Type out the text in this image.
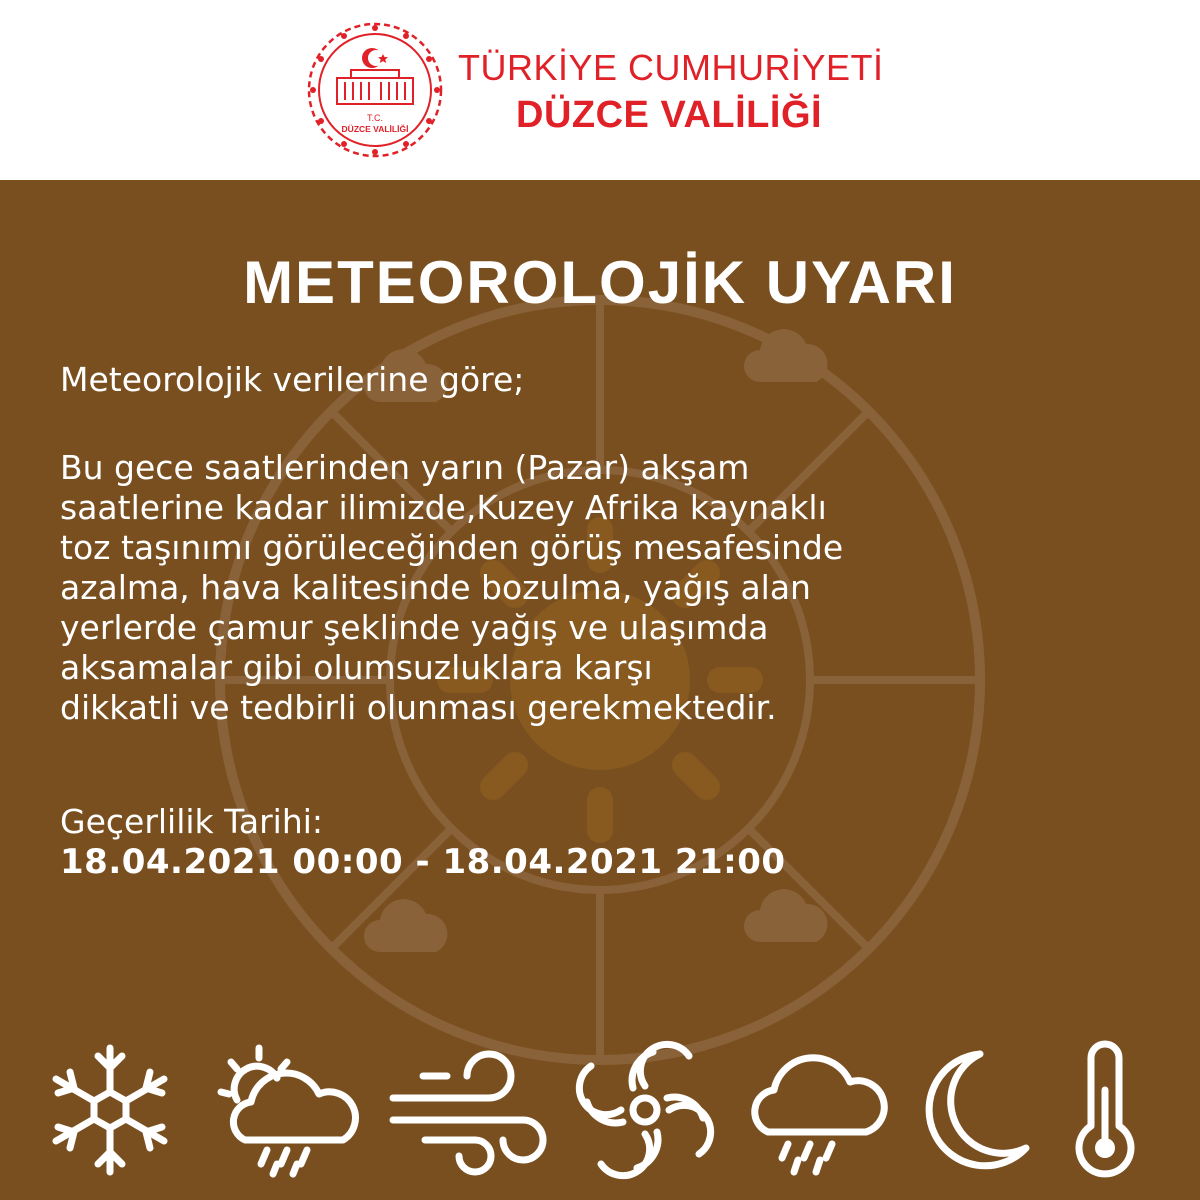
T.C.
DÜZCE VALİLİĞİ
TÜRKİYE CUMHURİYETİ
DÜZCE VALİLİĞİ
METEOROLOJİK UYARI
Meteorolojik verilerine göre;
Bu gece saatlerinden yarın (Pazar) akşam
saatlerine kadar ilimizde,Kuzey Afrika kaynaklı
toz taşınımı görüleceğinden görüş mesafesinde
azalma, hava kalitesinde bozulma, yağış alan
yerlerde çamur şeklinde yağış ve ulaşımda
aksamalar gibi olumsuzluklara karşı
dikkatli ve tedbirli olunması gerekmektedir.
Geçerlilik Tarihi:
18.04.2021 00:00 - 18.04.2021 21:00
